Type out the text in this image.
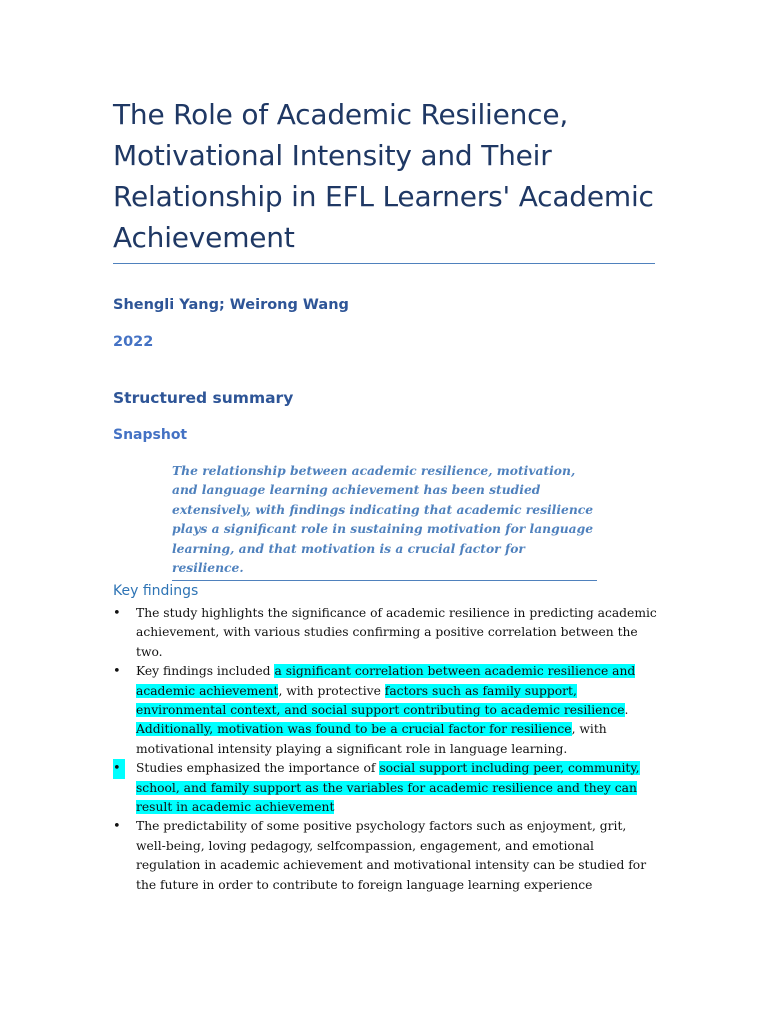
The Role of Academic Resilience, Motivational Intensity and Their Relationship in EFL Learners' Academic Achievement

Shengli Yang; Weirong Wang

2022

Structured summary
Snapshot

The relationship between academic resilience, motivation, and language learning achievement has been studied extensively, with findings indicating that academic resilience plays a significant role in sustaining motivation for language learning, and that motivation is a crucial factor for resilience.

Key findings
•	The study highlights the significance of academic resilience in predicting academic achievement, with various studies confirming a positive correlation between the two.
•	Key findings included a significant correlation between academic resilience and academic achievement, with protective factors such as family support, environmental context, and social support contributing to academic resilience. Additionally, motivation was found to be a crucial factor for resilience, with motivational intensity playing a significant role in language learning.
•	Studies emphasized the importance of social support including peer, community, school, and family support as the variables for academic resilience and they can result in academic achievement
•	The predictability of some positive psychology factors such as enjoyment, grit, well-being, loving pedagogy, selfcompassion, engagement, and emotional regulation in academic achievement and motivational intensity can be studied for the future in order to contribute to foreign language learning experience
